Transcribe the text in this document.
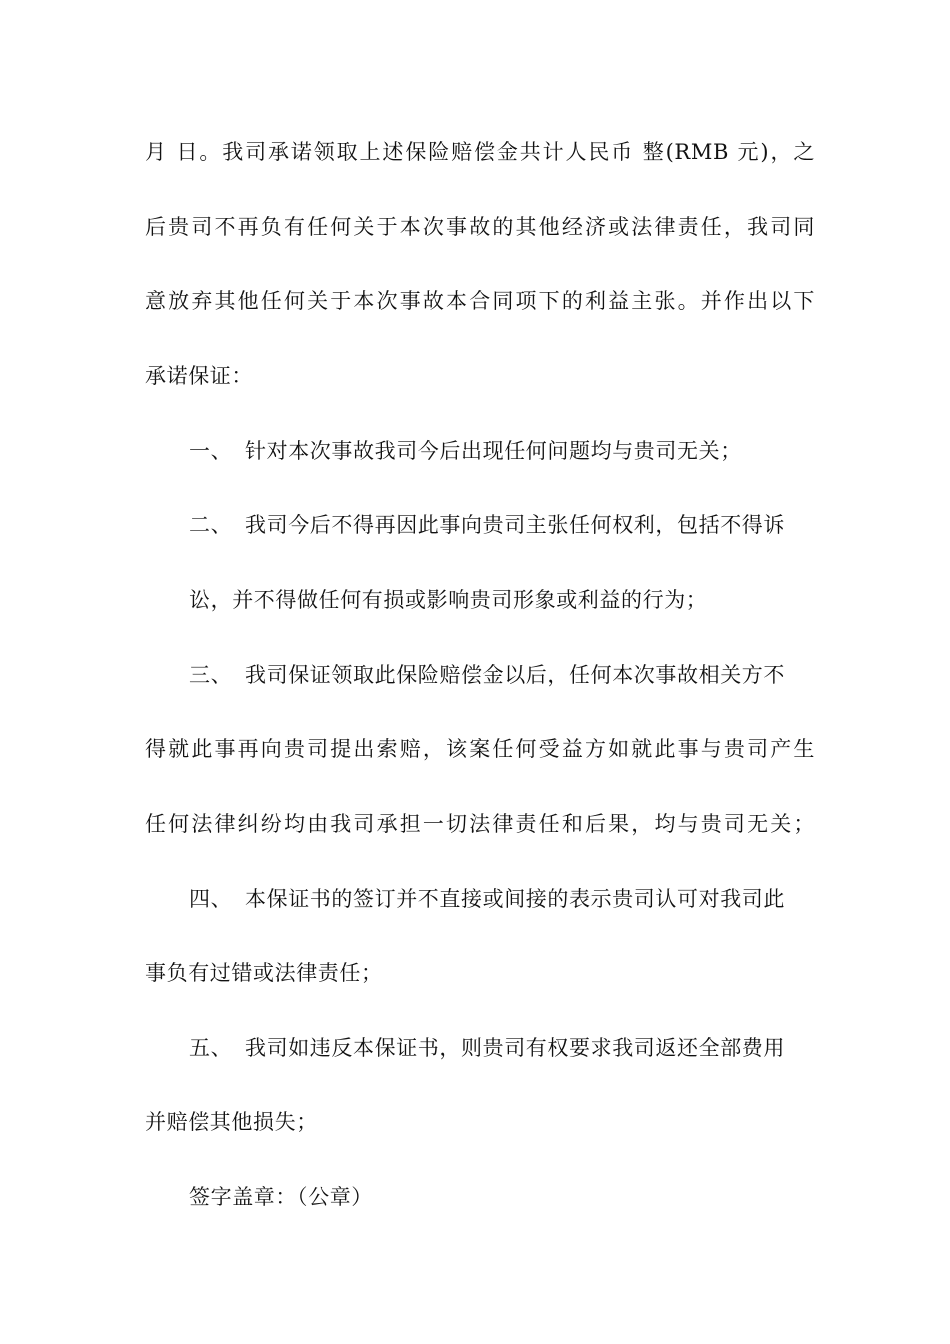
月 日。我司承诺领取上述保险赔偿金共计人民币 整(RMB 元)，之
后贵司不再负有任何关于本次事故的其他经济或法律责任，我司同
意放弃其他任何关于本次事故本合同项下的利益主张。并作出以下
承诺保证：
一、 针对本次事故我司今后出现任何问题均与贵司无关；
二、 我司今后不得再因此事向贵司主张任何权利，包括不得诉
讼，并不得做任何有损或影响贵司形象或利益的行为；
三、 我司保证领取此保险赔偿金以后，任何本次事故相关方不
得就此事再向贵司提出索赔，该案任何受益方如就此事与贵司产生
任何法律纠纷均由我司承担一切法律责任和后果，均与贵司无关；
四、 本保证书的签订并不直接或间接的表示贵司认可对我司此
事负有过错或法律责任；
五、 我司如违反本保证书，则贵司有权要求我司返还全部费用
并赔偿其他损失；
签字盖章：（公章）
